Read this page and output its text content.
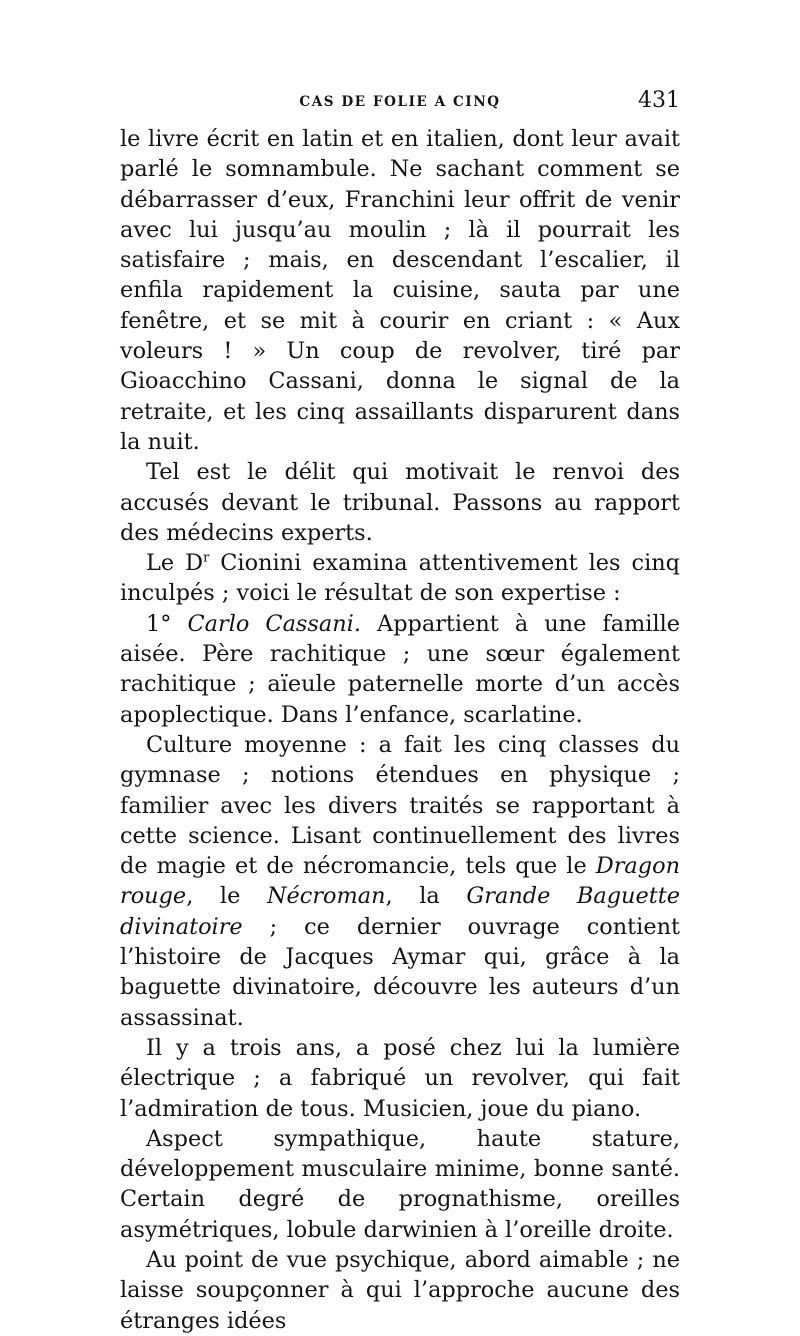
CAS DE FOLIE A CINQ	431

le livre écrit en latin et en italien, dont leur avait parlé le somnambule. Ne sachant comment se débarrasser d’eux, Franchini leur offrit de venir avec lui jusqu’au moulin ; là il pourrait les satisfaire ; mais, en descendant l’escalier, il enfila rapidement la cuisine, sauta par une fenêtre, et se mit à courir en criant : « Aux voleurs ! » Un coup de revolver, tiré par Gioacchino Cassani, donna le signal de la retraite, et les cinq assaillants disparurent dans la nuit.

Tel est le délit qui motivait le renvoi des accusés devant le tribunal. Passons au rapport des médecins experts.

Le $D^r$ Cionini examina attentivement les cinq inculpés ; voici le résultat de son expertise :

1° Carlo Cassani. Appartient à une famille aisée. Père rachitique ; une sœur également rachitique ; aïeule paternelle morte d’un accès apoplectique. Dans l’enfance, scarlatine.

Culture moyenne : a fait les cinq classes du gymnase ; notions étendues en physique ; familier avec les divers traités se rapportant à cette science. Lisant continuellement des livres de magie et de nécromancie, tels que le Dragon rouge, le Nécroman, la Grande Baguette divinatoire ; ce dernier ouvrage contient l’histoire de Jacques Aymar qui, grâce à la baguette divinatoire, découvre les auteurs d’un assassinat.

Il y a trois ans, a posé chez lui la lumière électrique ; a fabriqué un revolver, qui fait l’admiration de tous. Musicien, joue du piano.

Aspect sympathique, haute stature, développement musculaire minime, bonne santé. Certain degré de prognathisme, oreilles asymétriques, lobule darwinien à l’oreille droite.

Au point de vue psychique, abord aimable ; ne laisse soupçonner à qui l’approche aucune des étranges idées
